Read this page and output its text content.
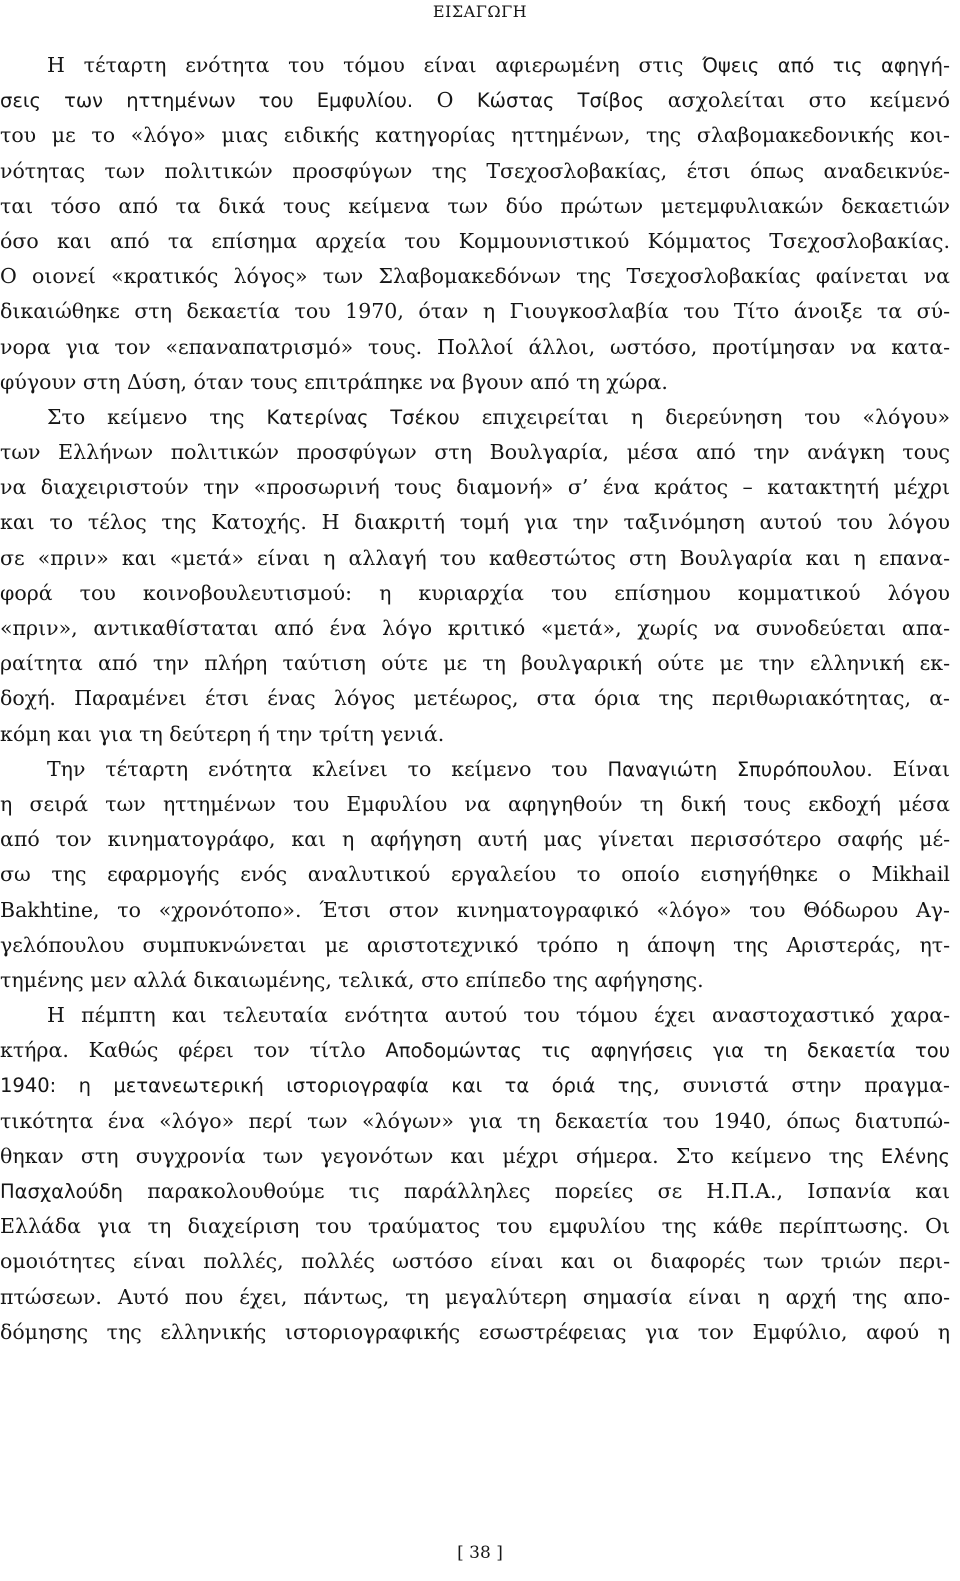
ΕΙΣΑΓΩΓΗ
Η τέταρτη ενότητα του τόμου είναι αφιερωμένη στις Όψεις από τις αφηγή-
σεις των ηττημένων του Εμφυλίου. Ο Κώστας Τσίβος ασχολείται στο κείμενό
του με το «λόγο» μιας ειδικής κατηγορίας ηττημένων, της σλαβομακεδονικής κοι-
νότητας των πολιτικών προσφύγων της Τσεχοσλοβακίας, έτσι όπως αναδεικνύε-
ται τόσο από τα δικά τους κείμενα των δύο πρώτων μετεμφυλιακών δεκαετιών
όσο και από τα επίσημα αρχεία του Κομμουνιστικού Κόμματος Τσεχοσλοβακίας.
Ο οιονεί «κρατικός λόγος» των Σλαβομακεδόνων της Τσεχοσλοβακίας φαίνεται να
δικαιώθηκε στη δεκαετία του 1970, όταν η Γιουγκοσλαβία του Τίτο άνοιξε τα σύ-
νορα για τον «επαναπατρισμό» τους. Πολλοί άλλοι, ωστόσο, προτίμησαν να κατα-
φύγουν στη Δύση, όταν τους επιτράπηκε να βγουν από τη χώρα.
Στο κείμενο της Κατερίνας Τσέκου επιχειρείται η διερεύνηση του «λόγου»
των Ελλήνων πολιτικών προσφύγων στη Βουλγαρία, μέσα από την ανάγκη τους
να διαχειριστούν την «προσωρινή τους διαμονή» σ’ ένα κράτος – κατακτητή μέχρι
και το τέλος της Κατοχής. Η διακριτή τομή για την ταξινόμηση αυτού του λόγου
σε «πριν» και «μετά» είναι η αλλαγή του καθεστώτος στη Βουλγαρία και η επανα-
φορά του κοινοβουλευτισμού: η κυριαρχία του επίσημου κομματικού λόγου
«πριν», αντικαθίσταται από ένα λόγο κριτικό «μετά», χωρίς να συνοδεύεται απα-
ραίτητα από την πλήρη ταύτιση ούτε με τη βουλγαρική ούτε με την ελληνική εκ-
δοχή. Παραμένει έτσι ένας λόγος μετέωρος, στα όρια της περιθωριακότητας, α-
κόμη και για τη δεύτερη ή την τρίτη γενιά.
Την τέταρτη ενότητα κλείνει το κείμενο του Παναγιώτη Σπυρόπουλου. Είναι
η σειρά των ηττημένων του Εμφυλίου να αφηγηθούν τη δική τους εκδοχή μέσα
από τον κινηματογράφο, και η αφήγηση αυτή μας γίνεται περισσότερο σαφής μέ-
σω της εφαρμογής ενός αναλυτικού εργαλείου το οποίο εισηγήθηκε ο Mikhail
Bakhtine, το «χρονότοπο». Έτσι στον κινηματογραφικό «λόγο» του Θόδωρου Αγ-
γελόπουλου συμπυκνώνεται με αριστοτεχνικό τρόπο η άποψη της Αριστεράς, ητ-
τημένης μεν αλλά δικαιωμένης, τελικά, στο επίπεδο της αφήγησης.
Η πέμπτη και τελευταία ενότητα αυτού του τόμου έχει αναστοχαστικό χαρα-
κτήρα. Καθώς φέρει τον τίτλο Αποδομώντας τις αφηγήσεις για τη δεκαετία του
1940: η μετανεωτερική ιστοριογραφία και τα όριά της, συνιστά στην πραγμα-
τικότητα ένα «λόγο» περί των «λόγων» για τη δεκαετία του 1940, όπως διατυπώ-
θηκαν στη συγχρονία των γεγονότων και μέχρι σήμερα. Στο κείμενο της Ελένης
Πασχαλούδη παρακολουθούμε τις παράλληλες πορείες σε Η.Π.Α., Ισπανία και
Ελλάδα για τη διαχείριση του τραύματος του εμφυλίου της κάθε περίπτωσης. Οι
ομοιότητες είναι πολλές, πολλές ωστόσο είναι και οι διαφορές των τριών περι-
πτώσεων. Αυτό που έχει, πάντως, τη μεγαλύτερη σημασία είναι η αρχή της απο-
δόμησης της ελληνικής ιστοριογραφικής εσωστρέφειας για τον Εμφύλιο, αφού η
[ 38 ]
